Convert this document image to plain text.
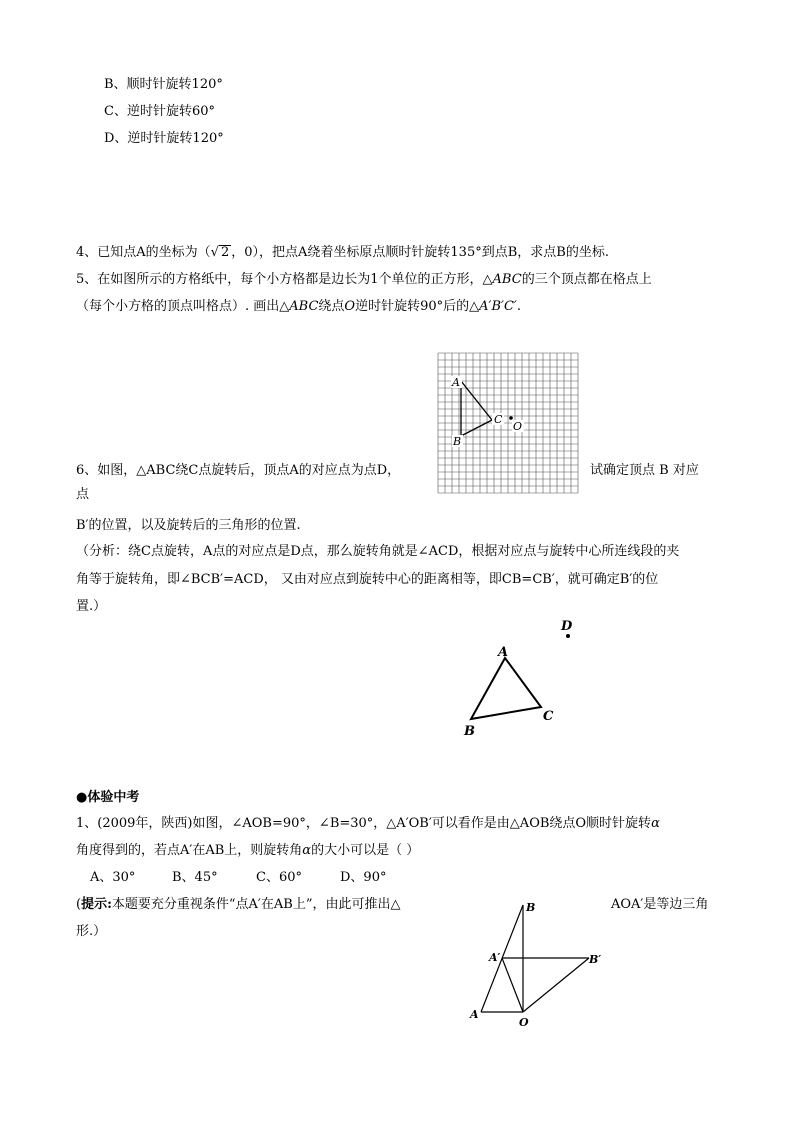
B、顺时针旋转120°
C、逆时针旋转60°
D、逆时针旋转120°
4、已知点A的坐标为（√ 2 ，0），把点A绕着坐标原点顺时针旋转135°到点B，求点B的坐标.
5、在如图所示的方格纸中，每个小方格都是边长为1个单位的正方形，△ABC的三个顶点都在格点上
（每个小方格的顶点叫格点）. 画出△ABC绕点O逆时针旋转90°后的△A′B′C′.
A
B
C
O
6、如图，△ABC绕C点旋转后，顶点A的对应点为点D，	试确定顶点 B 对应
点
B′的位置，以及旋转后的三角形的位置.
（分析：绕C点旋转，A点的对应点是D点，那么旋转角就是∠ACD，根据对应点与旋转中心所连线段的夹
角等于旋转角，即∠BCB′=ACD， 又由对应点到旋转中心的距离相等，即CB=CB′，就可确定B′的位
置.）
A
B
C
D
●体验中考
1、(2009年，陕西)如图，∠AOB=90°，∠B=30°，△A′OB′可以看作是由△AOB绕点O顺时针旋转α
角度得到的，若点A′在AB上，则旋转角α的大小可以是（ ）
A、30°	B、45°	C、60°	D、90°
(提示:本题要充分重视条件“点A′在AB上”，由此可推出△	AOA′是等边三角
形.）
B
A′	B′
A
O
